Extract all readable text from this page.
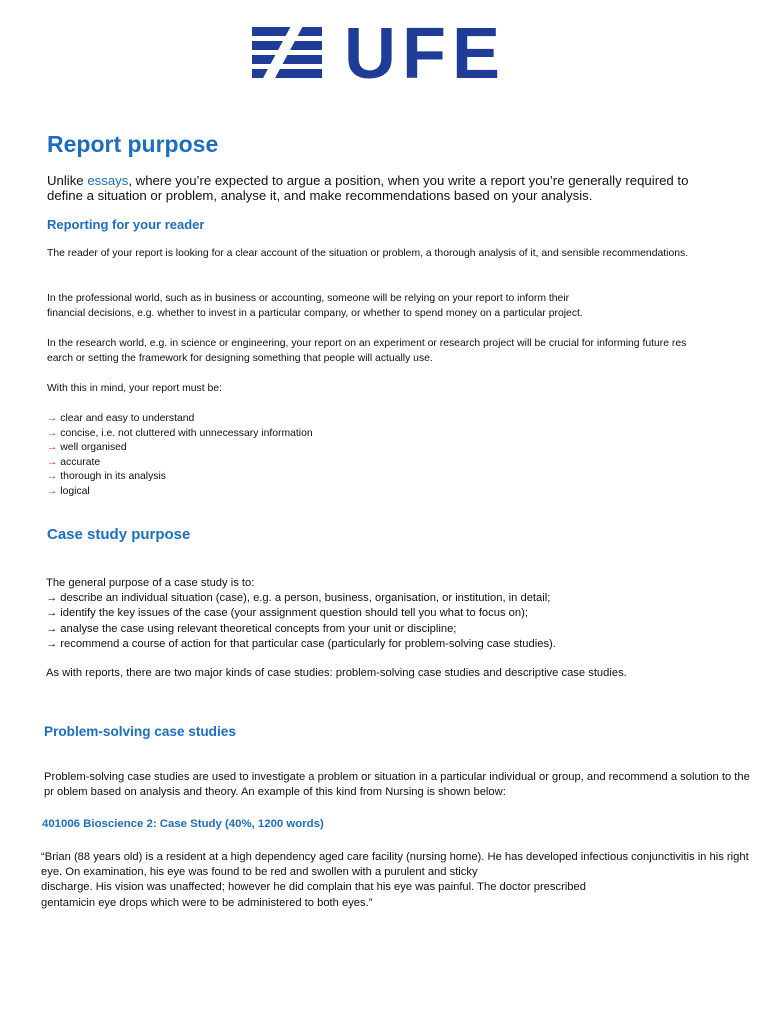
UFE
Report purpose
Unlike essays, where you’re expected to argue a position, when you write a report you’re generally required to
define a situation or problem, analyse it, and make recommendations based on your analysis.
Reporting for your reader

The reader of your report is looking for a clear account of the situation or problem, a thorough analysis of it, and sensible recommendations.

In the professional world, such as in business or accounting, someone will be relying on your report to inform their
financial decisions, e.g. whether to invest in a particular company, or whether to spend money on a particular project.
In the research world, e.g. in science or engineering, your report on an experiment or research project will be crucial for informing future res
earch or setting the framework for designing something that people will actually use.

With this in mind, your report must be:

→ clear and easy to understand
→ concise, i.e. not cluttered with unnecessary information
→ well organised
→ accurate
→ thorough in its analysis
→ logical
Case study purpose
The general purpose of a case study is to:
→ describe an individual situation (case), e.g. a person, business, organisation, or institution, in detail;
→ identify the key issues of the case (your assignment question should tell you what to focus on);
→ analyse the case using relevant theoretical concepts from your unit or discipline;
→ recommend a course of action for that particular case (particularly for problem-solving case studies).

As with reports, there are two major kinds of case studies: problem-solving case studies and descriptive case studies.

Problem-solving case studies
Problem-solving case studies are used to investigate a problem or situation in a particular individual or group, and recommend a solution to the
pr oblem based on analysis and theory. An example of this kind from Nursing is shown below:
401006 Bioscience 2: Case Study (40%, 1200 words)
“Brian (88 years old) is a resident at a high dependency aged care facility (nursing home). He has developed infectious conjunctivitis in his right
eye. On examination, his eye was found to be red and swollen with a purulent and sticky
discharge. His vision was unaffected; however he did complain that his eye was painful. The doctor prescribed
gentamicin eye drops which were to be administered to both eyes.”
